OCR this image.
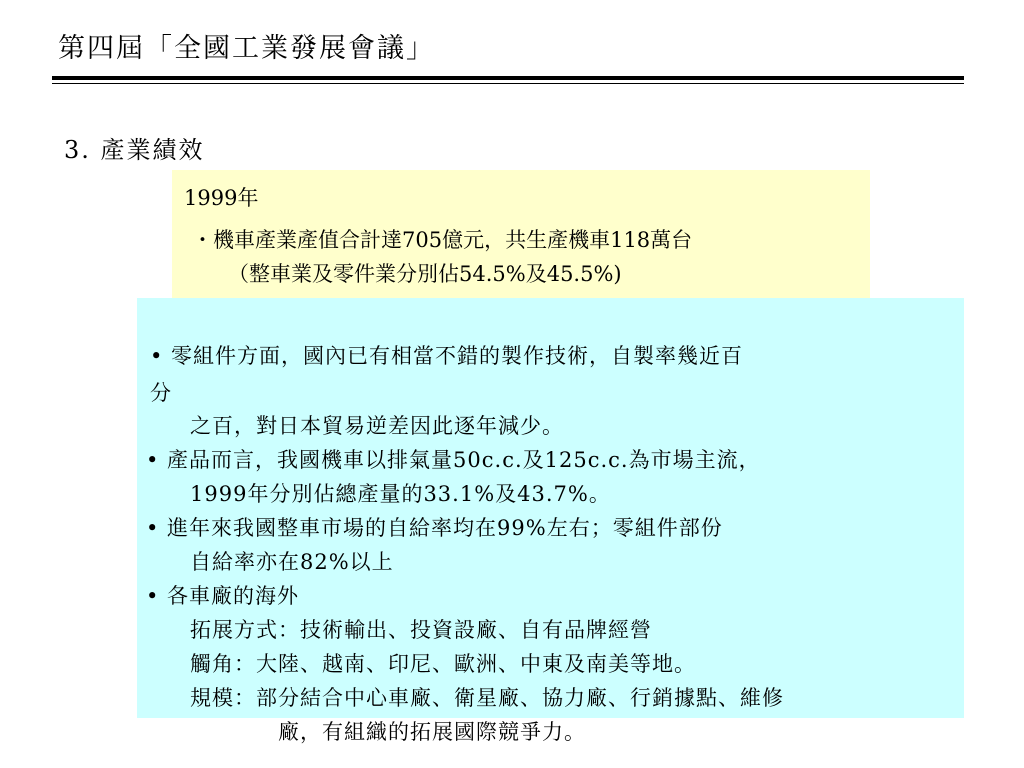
第四屆「全國工業發展會議」
3. 產業績效
1999年
・機車產業產值合計達705億元，共生產機車118萬台
（整車業及零件業分別佔54.5%及45.5%)
• 零組件方面，國內已有相當不錯的製作技術，自製率幾近百
分
之百，對日本貿易逆差因此逐年減少。
• 產品而言，我國機車以排氣量50c.c.及125c.c.為市場主流，
1999年分別佔總產量的33.1%及43.7%。
• 進年來我國整車市場的自給率均在99%左右；零組件部份
自給率亦在82%以上
• 各車廠的海外
拓展方式：技術輸出、投資設廠、自有品牌經營
觸角：大陸、越南、印尼、歐洲、中東及南美等地。
規模：部分結合中心車廠、衛星廠、協力廠、行銷據點、維修
廠，有組織的拓展國際競爭力。
